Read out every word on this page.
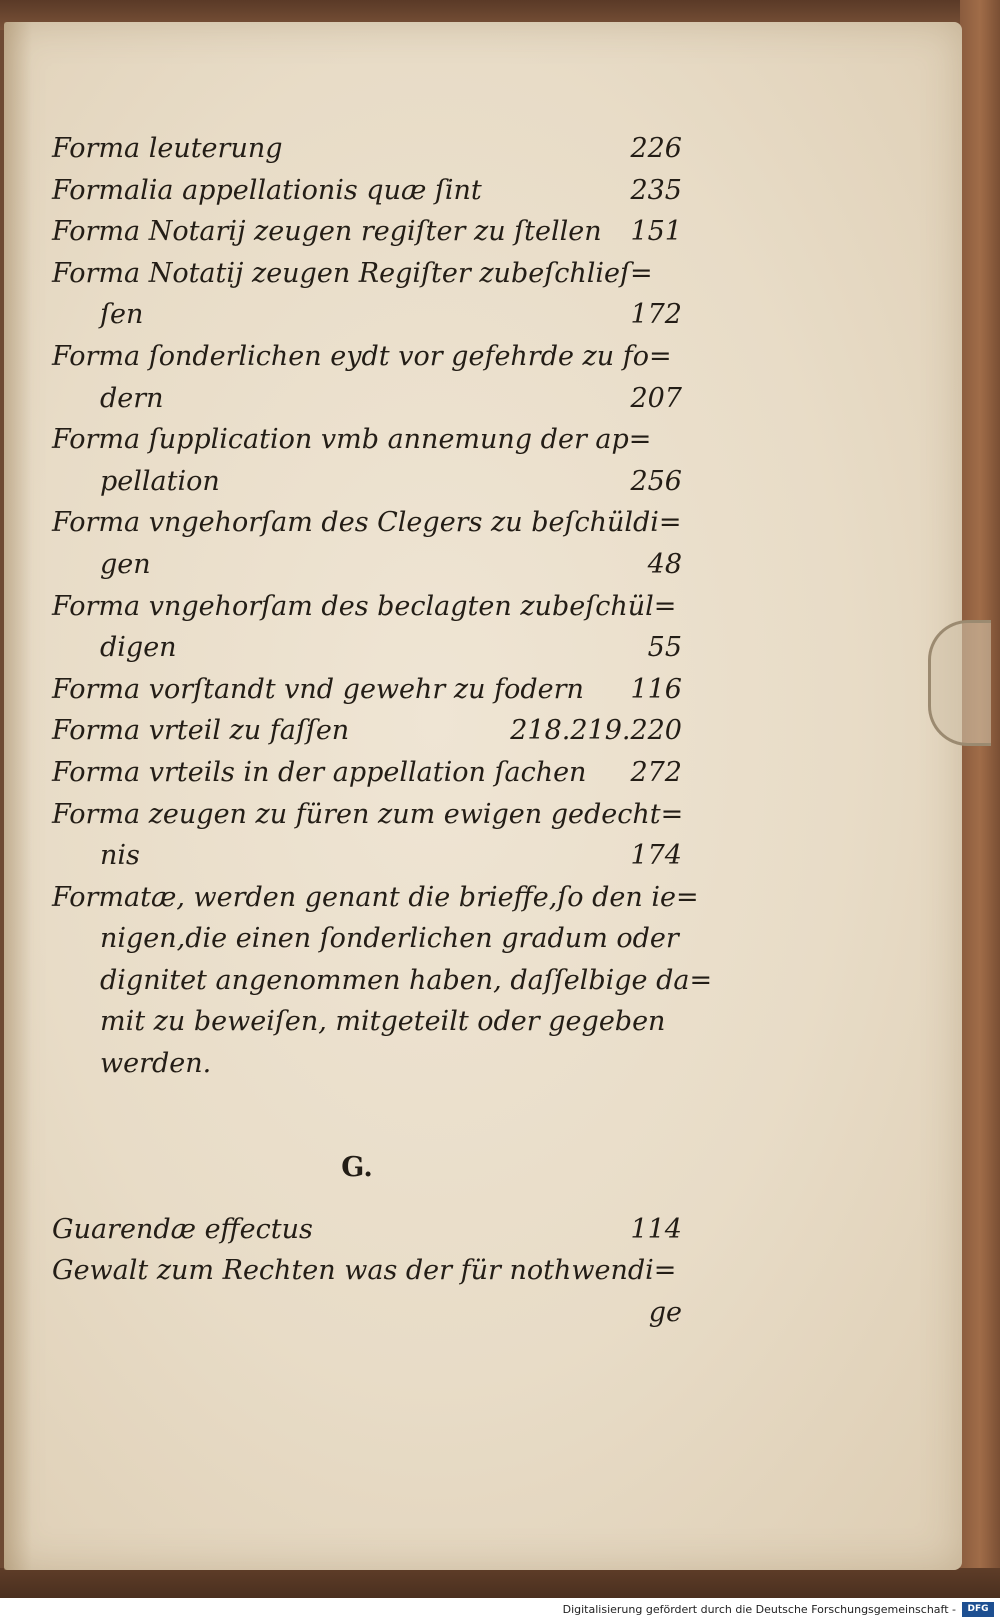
Forma leuterung	226
Formalia appellationis quæ ſint	235
Forma Notarij zeugen regiſter zu ſtellen 151
Forma Notatij zeugen Regiſter zubeſchlieſ=
ſen	172
Forma ſonderlichen eydt vor gefehrde zu fo=
dern	207
Forma ſupplication vmb annemung der ap=
pellation	256
Forma vngehorſam des Clegers zu beſchüldi=
gen	48
Forma vngehorſam des beclagten zubeſchül=
digen	55
Forma vorſtandt vnd gewehr zu fodern 116
Forma vrteil zu faſſen	218.219.220
Forma vrteils in der appellation ſachen 272
Forma zeugen zu füren zum ewigen gedecht=
nis	174
Formatæ, werden genant die brieffe,ſo den ie=
nigen,die einen ſonderlichen gradum oder
dignitet angenommen haben, daſſelbige da=
mit zu beweiſen, mitgeteilt oder gegeben
werden.
G.
Guarendæ effectus	114
Gewalt zum Rechten was der für nothwendi=
ge
Digitalisierung gefördert durch die Deutsche Forschungsgemeinschaft -	DFG
